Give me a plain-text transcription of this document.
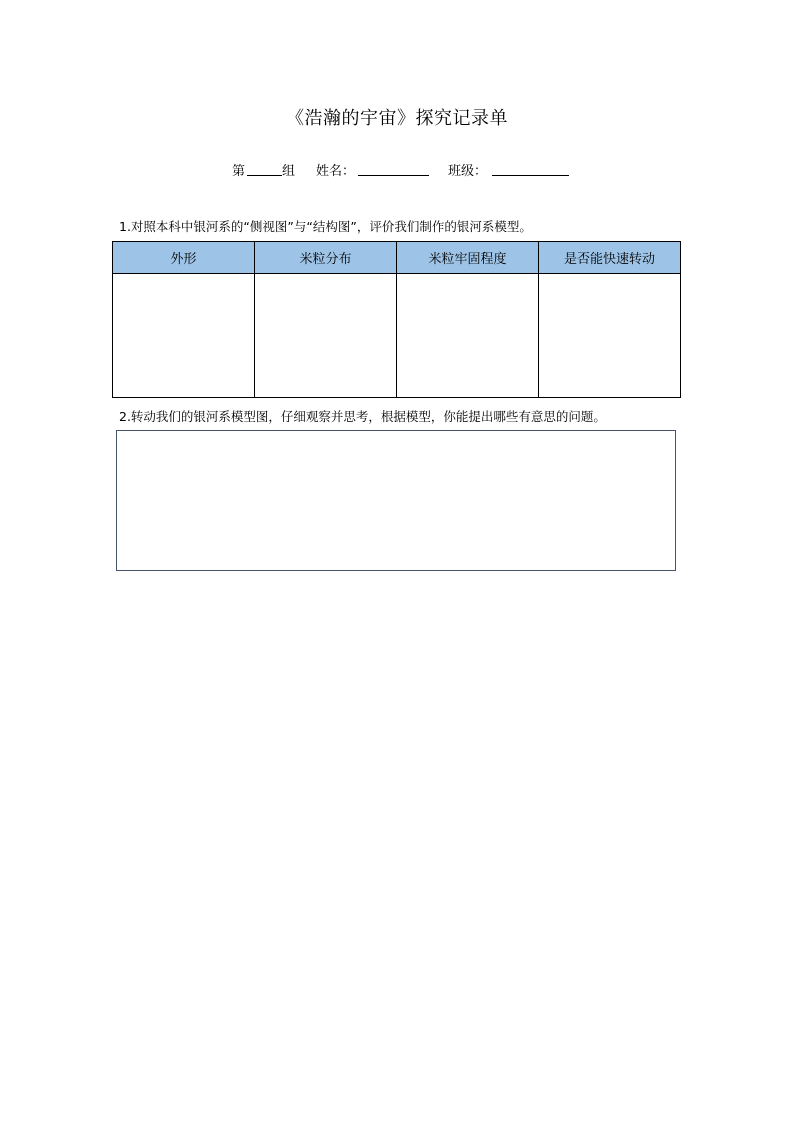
《浩瀚的宇宙》探究记录单
第	组 姓名：	班级：
1.对照本科中银河系的“侧视图”与“结构图”，评价我们制作的银河系模型。
外形	米粒分布	米粒牢固程度	是否能快速转动

2.转动我们的银河系模型图，仔细观察并思考，根据模型，你能提出哪些有意思的问题。
